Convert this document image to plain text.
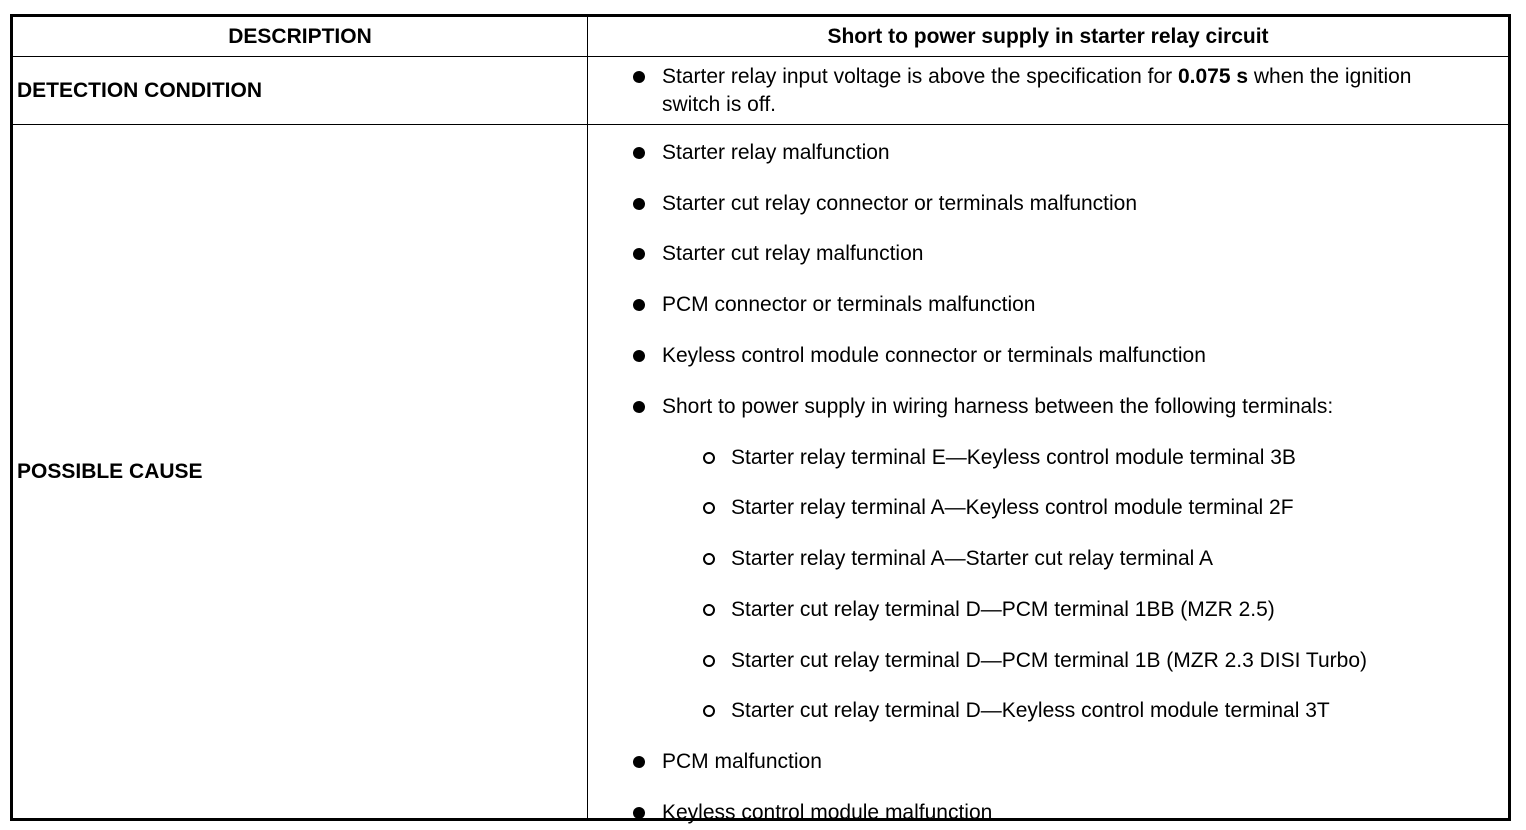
DESCRIPTION	Short to power supply in starter relay circuit
DETECTION CONDITION
Starter relay input voltage is above the specification for 0.075 s when the ignition switch is off.
POSSIBLE CAUSE
Starter relay malfunction
Starter cut relay connector or terminals malfunction
Starter cut relay malfunction
PCM connector or terminals malfunction
Keyless control module connector or terminals malfunction
Short to power supply in wiring harness between the following terminals:
Starter relay terminal E—Keyless control module terminal 3B
Starter relay terminal A—Keyless control module terminal 2F
Starter relay terminal A—Starter cut relay terminal A
Starter cut relay terminal D—PCM terminal 1BB (MZR 2.5)
Starter cut relay terminal D—PCM terminal 1B (MZR 2.3 DISI Turbo)
Starter cut relay terminal D—Keyless control module terminal 3T
PCM malfunction
Keyless control module malfunction
